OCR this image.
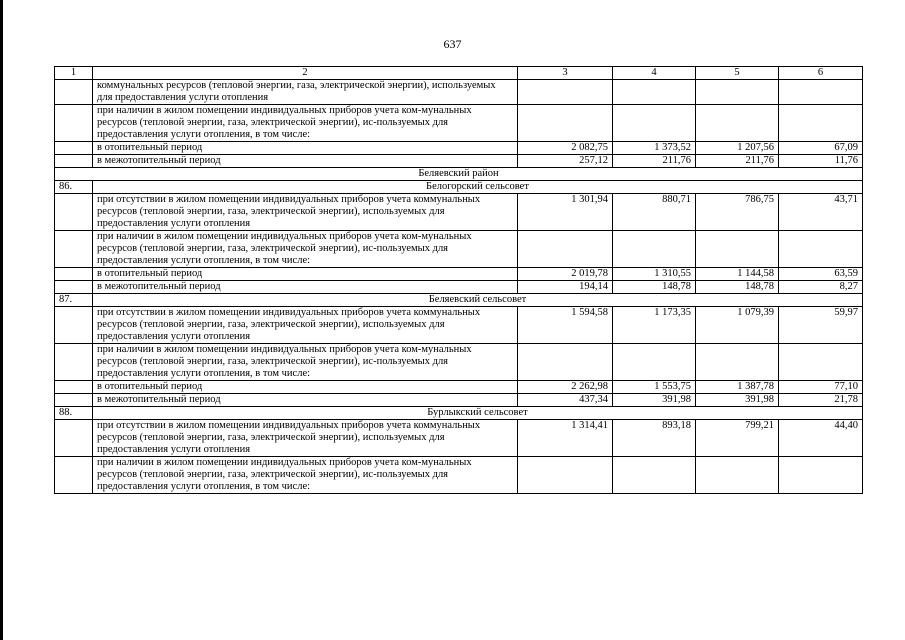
637
1	2	3	4	5	6
	коммунальных ресурсов (тепловой энергии, газа, электрической энергии), используемых для предоставления услуги отопления				
	при наличии в жилом помещении индивидуальных приборов учета ком-мунальных ресурсов (тепловой энергии, газа, электрической энергии), ис-пользуемых для предоставления услуги отопления, в том числе:				
	в отопительный период	2 082,75	1 373,52	1 207,56	67,09
	в межотопительный период	257,12	211,76	211,76	11,76
Беляевский район					
86.	Белогорский сельсовет				
	при отсутствии в жилом помещении индивидуальных приборов учета коммунальных ресурсов (тепловой энергии, газа, электрической энергии), используемых для предоставления услуги отопления	1 301,94	880,71	786,75	43,71
	при наличии в жилом помещении индивидуальных приборов учета ком-мунальных ресурсов (тепловой энергии, газа, электрической энергии), ис-пользуемых для предоставления услуги отопления, в том числе:				
	в отопительный период	2 019,78	1 310,55	1 144,58	63,59
	в межотопительный период	194,14	148,78	148,78	8,27
87.	Беляевский сельсовет				
	при отсутствии в жилом помещении индивидуальных приборов учета коммунальных ресурсов (тепловой энергии, газа, электрической энергии), используемых для предоставления услуги отопления	1 594,58	1 173,35	1 079,39	59,97
	при наличии в жилом помещении индивидуальных приборов учета ком-мунальных ресурсов (тепловой энергии, газа, электрической энергии), ис-пользуемых для предоставления услуги отопления, в том числе:				
	в отопительный период	2 262,98	1 553,75	1 387,78	77,10
	в межотопительный период	437,34	391,98	391,98	21,78
88.	Бурлыкский сельсовет				
	при отсутствии в жилом помещении индивидуальных приборов учета коммунальных ресурсов (тепловой энергии, газа, электрической энергии), используемых для предоставления услуги отопления	1 314,41	893,18	799,21	44,40
	при наличии в жилом помещении индивидуальных приборов учета ком-мунальных ресурсов (тепловой энергии, газа, электрической энергии), ис-пользуемых для предоставления услуги отопления, в том числе:				
